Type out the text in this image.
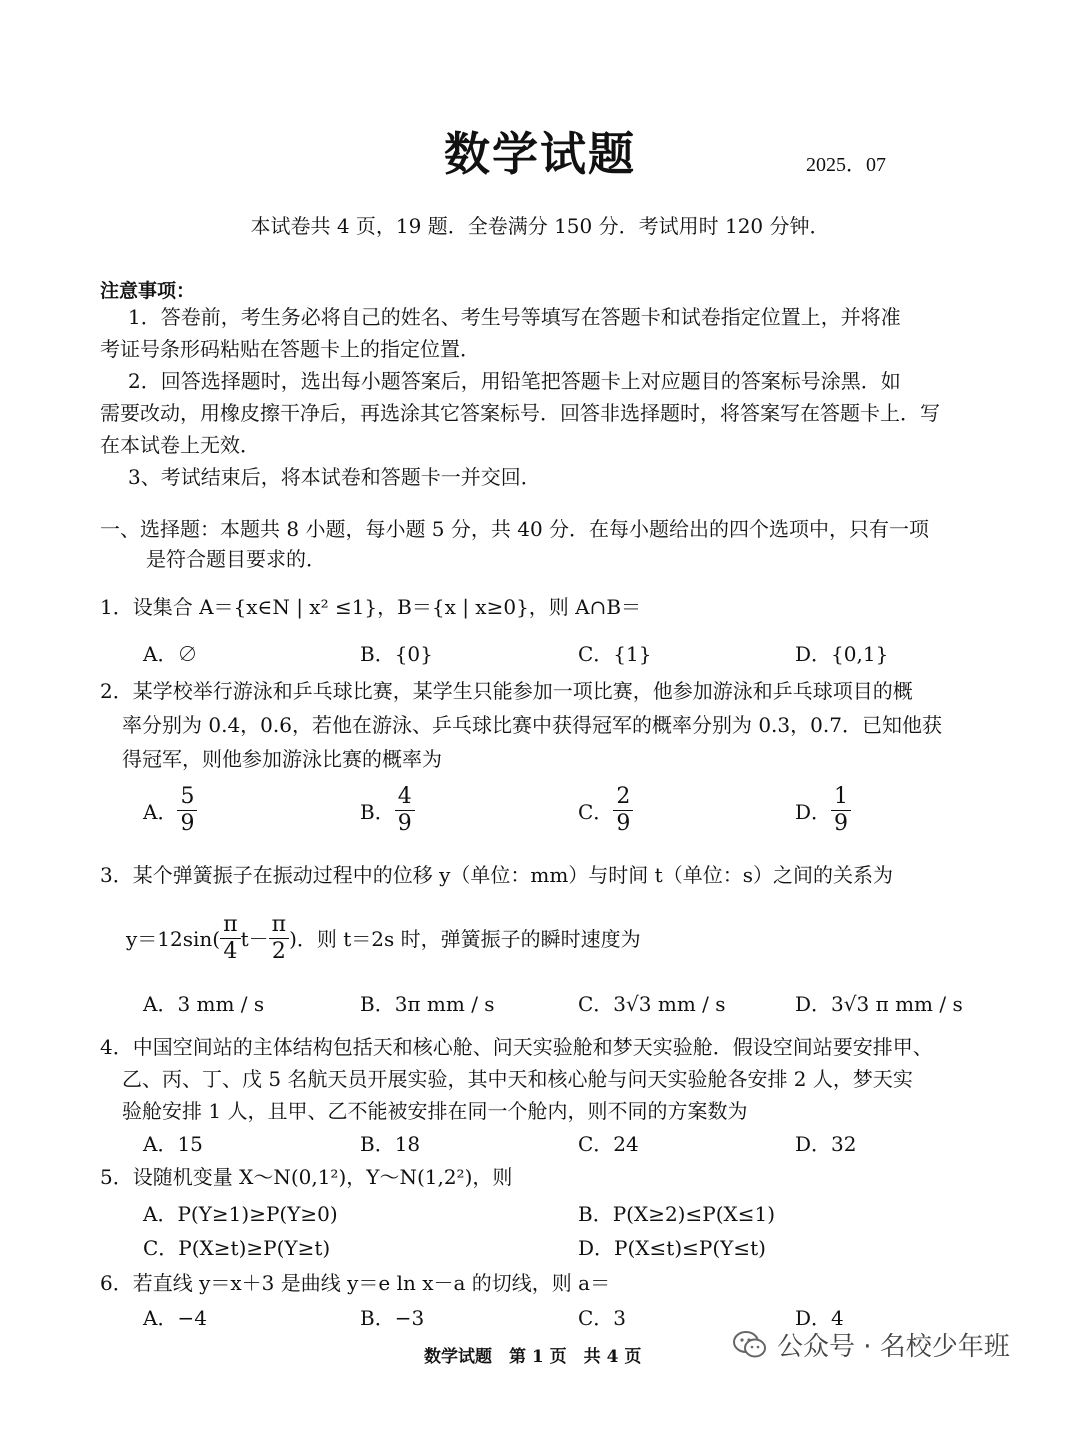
数学试题	2025．07
本试卷共 4 页，19 题．全卷满分 150 分．考试用时 120 分钟．
注意事项：
1．答卷前，考生务必将自己的姓名、考生号等填写在答题卡和试卷指定位置上，并将准
考证号条形码粘贴在答题卡上的指定位置．
2．回答选择题时，选出每小题答案后，用铅笔把答题卡上对应题目的答案标号涂黑．如
需要改动，用橡皮擦干净后，再选涂其它答案标号．回答非选择题时，将答案写在答题卡上．写
在本试卷上无效．
3、考试结束后，将本试卷和答题卡一并交回．
一、选择题：本题共 8 小题，每小题 5 分，共 40 分．在每小题给出的四个选项中，只有一项
是符合题目要求的．
1．设集合 A＝{x∈N | x² ≤1}，B＝{x | x≥0}，则 A∩B＝
A．∅	B．{0}	C．{1}	D．{0,1}
2．某学校举行游泳和乒乓球比赛，某学生只能参加一项比赛，他参加游泳和乒乓球项目的概
率分别为 0.4，0.6，若他在游泳、乒乓球比赛中获得冠军的概率分别为 0.3，0.7．已知他获
得冠军，则他参加游泳比赛的概率为
A． $\frac{5}{9}$	B． $\frac{4}{9}$	C． $\frac{2}{9}$	D． $\frac{1}{9}$
3．某个弹簧振子在振动过程中的位移 y（单位：mm）与时间 t（单位：s）之间的关系为
$y=12\sin( \frac{\pi}{4} t- \frac{\pi}{2}$ )．则 t＝2s 时，弹簧振子的瞬时速度为
A．3 mm / s	B．3π mm / s	C．3√3 mm / s	D．3√3 π mm / s
4．中国空间站的主体结构包括天和核心舱、问天实验舱和梦天实验舱．假设空间站要安排甲、
乙、丙、丁、戊 5 名航天员开展实验，其中天和核心舱与问天实验舱各安排 2 人，梦天实
验舱安排 1 人，且甲、乙不能被安排在同一个舱内，则不同的方案数为
A．15	B．18	C．24	D．32
5．设随机变量 X～N(0,1²)，Y～N(1,2²)，则
A．P(Y≥1)≥P(Y≥0)	B．P(X≥2)≤P(X≤1)
C．P(X≥t)≥P(Y≥t)	D．P(X≤t)≤P(Y≤t)
6．若直线 y＝x＋3 是曲线 y＝e ln x－a 的切线，则 a＝
A．−4	B．−3	C．3	D．4
数学试题　第 1 页　共 4 页	公众号 · 名校少年班
